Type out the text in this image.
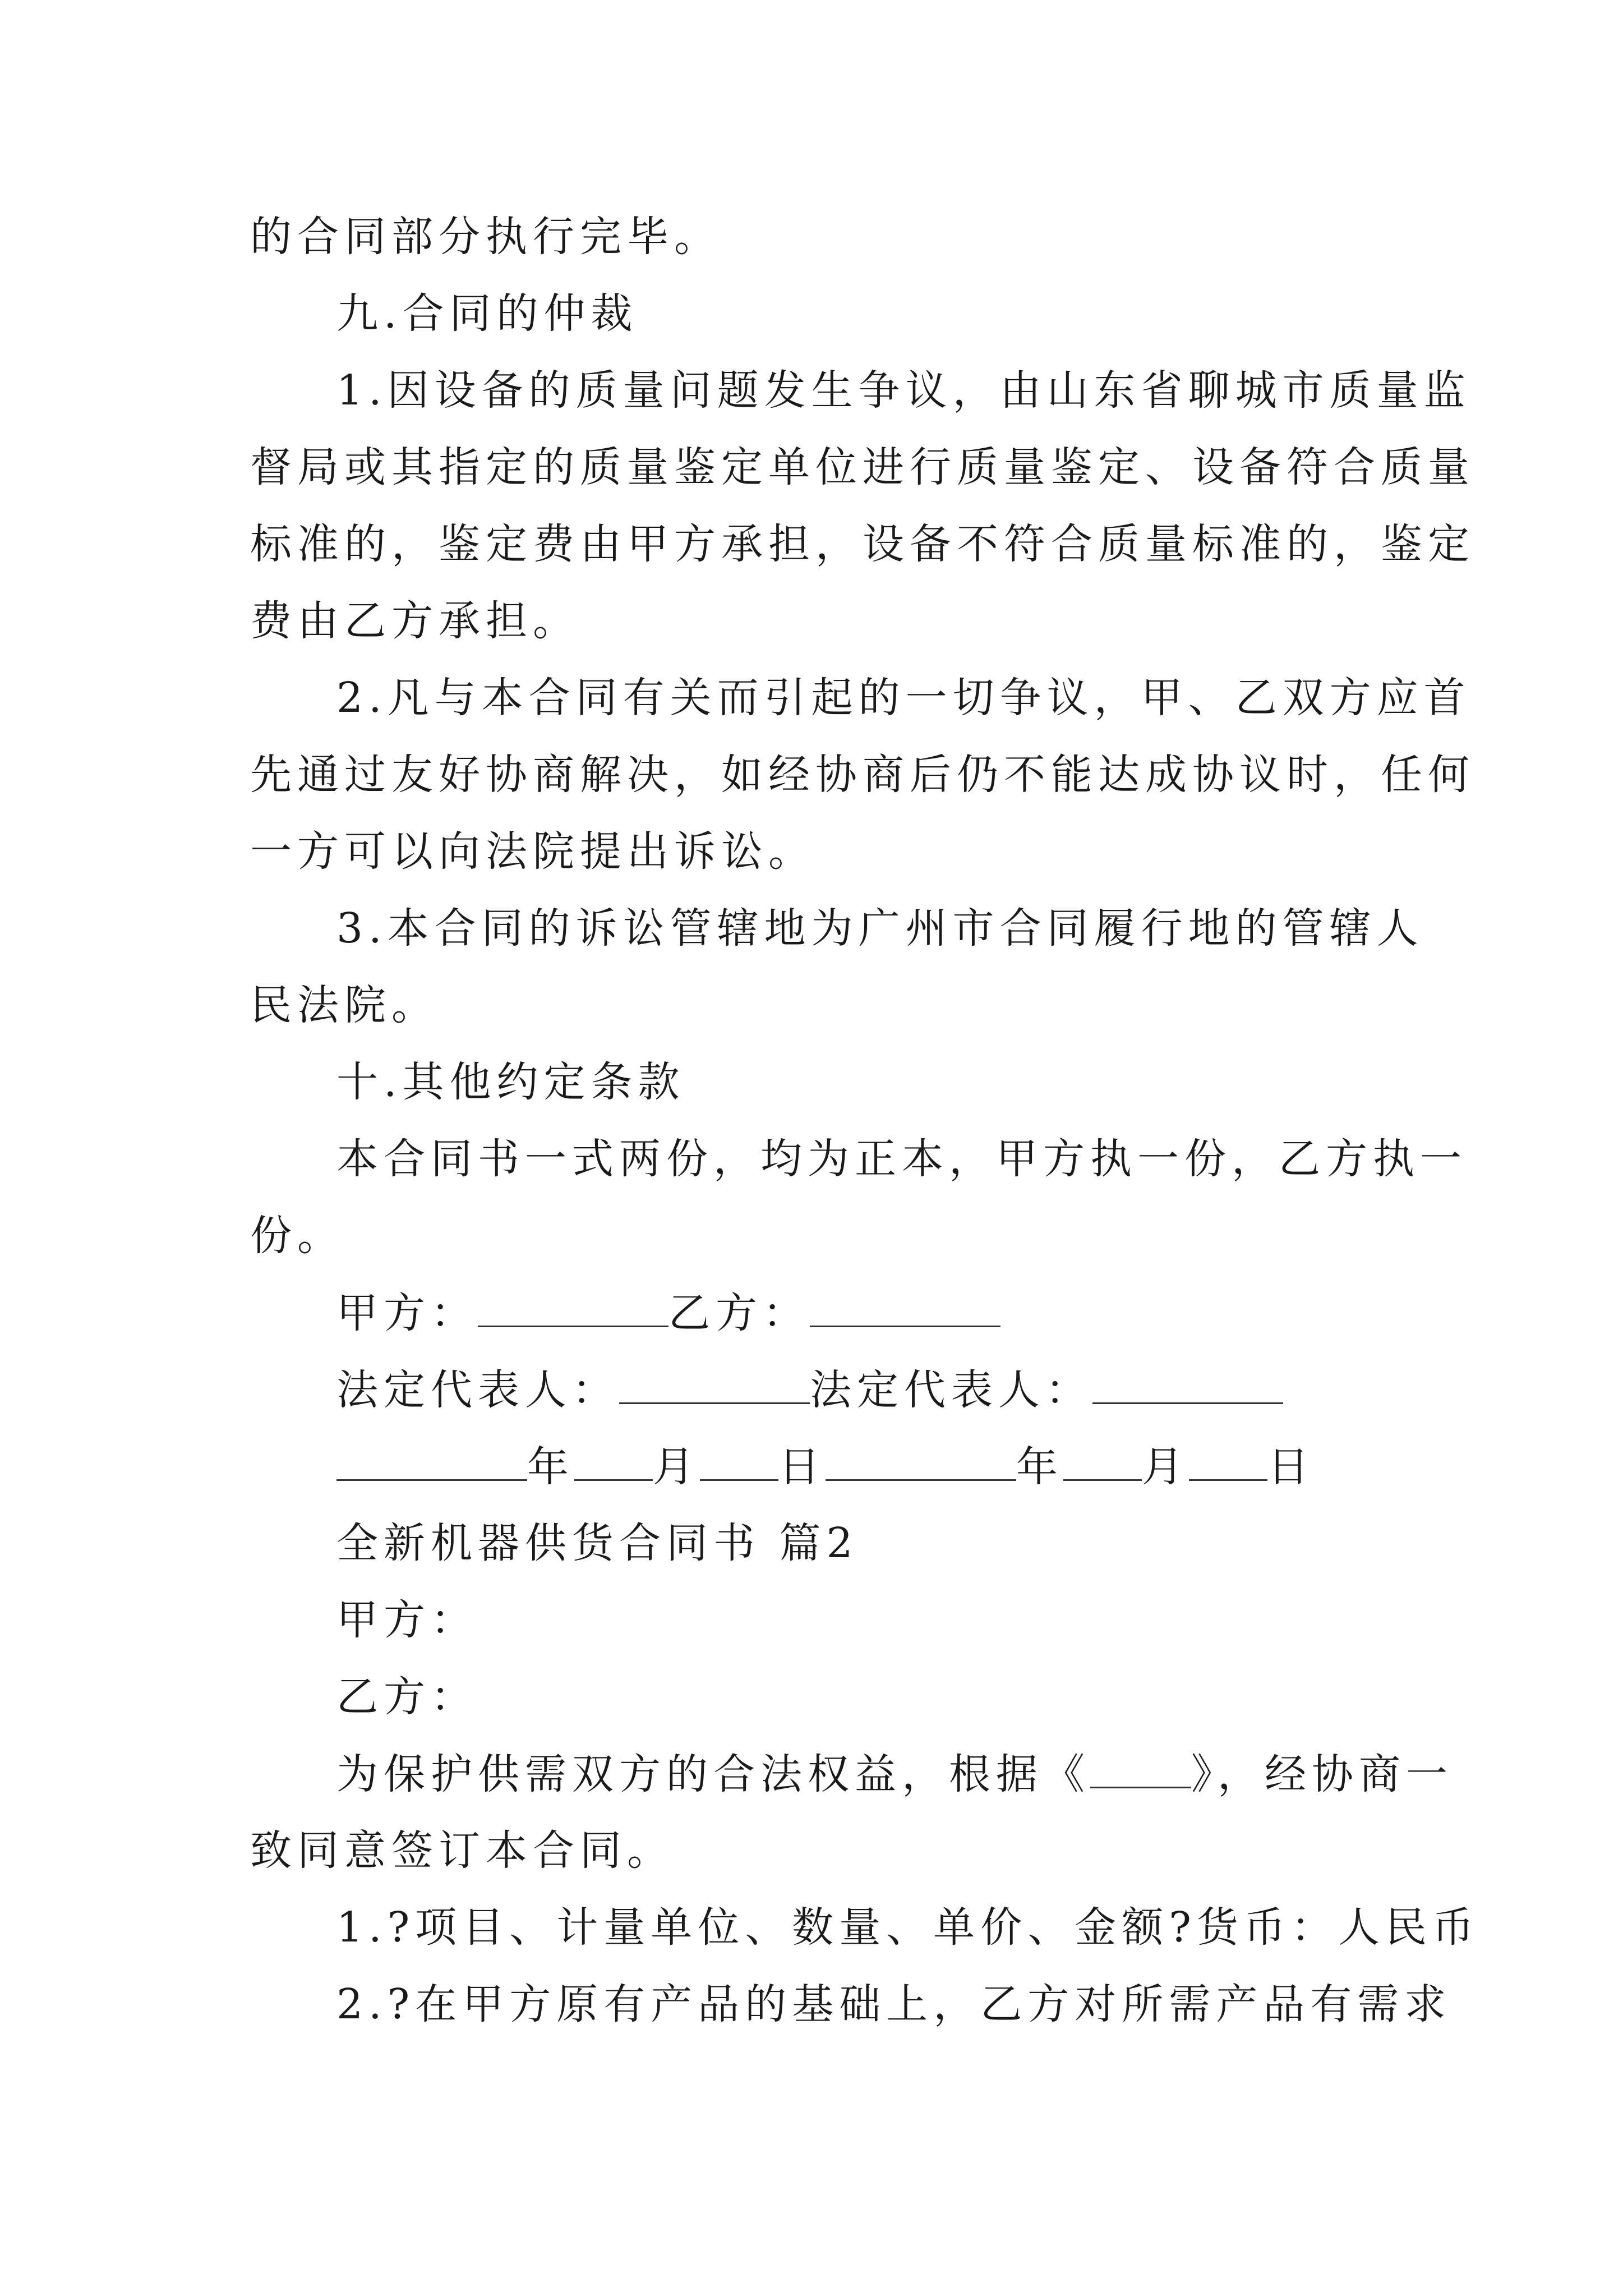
的合同部分执行完毕。
九.合同的仲裁
1.因设备的质量问题发生争议，由山东省聊城市质量监
督局或其指定的质量鉴定单位进行质量鉴定、设备符合质量
标准的，鉴定费由甲方承担，设备不符合质量标准的，鉴定
费由乙方承担。
2.凡与本合同有关而引起的一切争议，甲、乙双方应首
先通过友好协商解决，如经协商后仍不能达成协议时，任何
一方可以向法院提出诉讼。
3.本合同的诉讼管辖地为广州市合同履行地的管辖人
民法院。
十.其他约定条款
本合同书一式两份，均为正本，甲方执一份，乙方执一
份。
甲方：	乙方：
法定代表人：	法定代表人：
年 月 日	年 月 日
全新机器供货合同书 篇2
甲方：
乙方：
为保护供需双方的合法权益，根据《 》，经协商一
致同意签订本合同。
1.?项目、计量单位、数量、单价、金额?货币：人民币
2.?在甲方原有产品的基础上，乙方对所需产品有需求
